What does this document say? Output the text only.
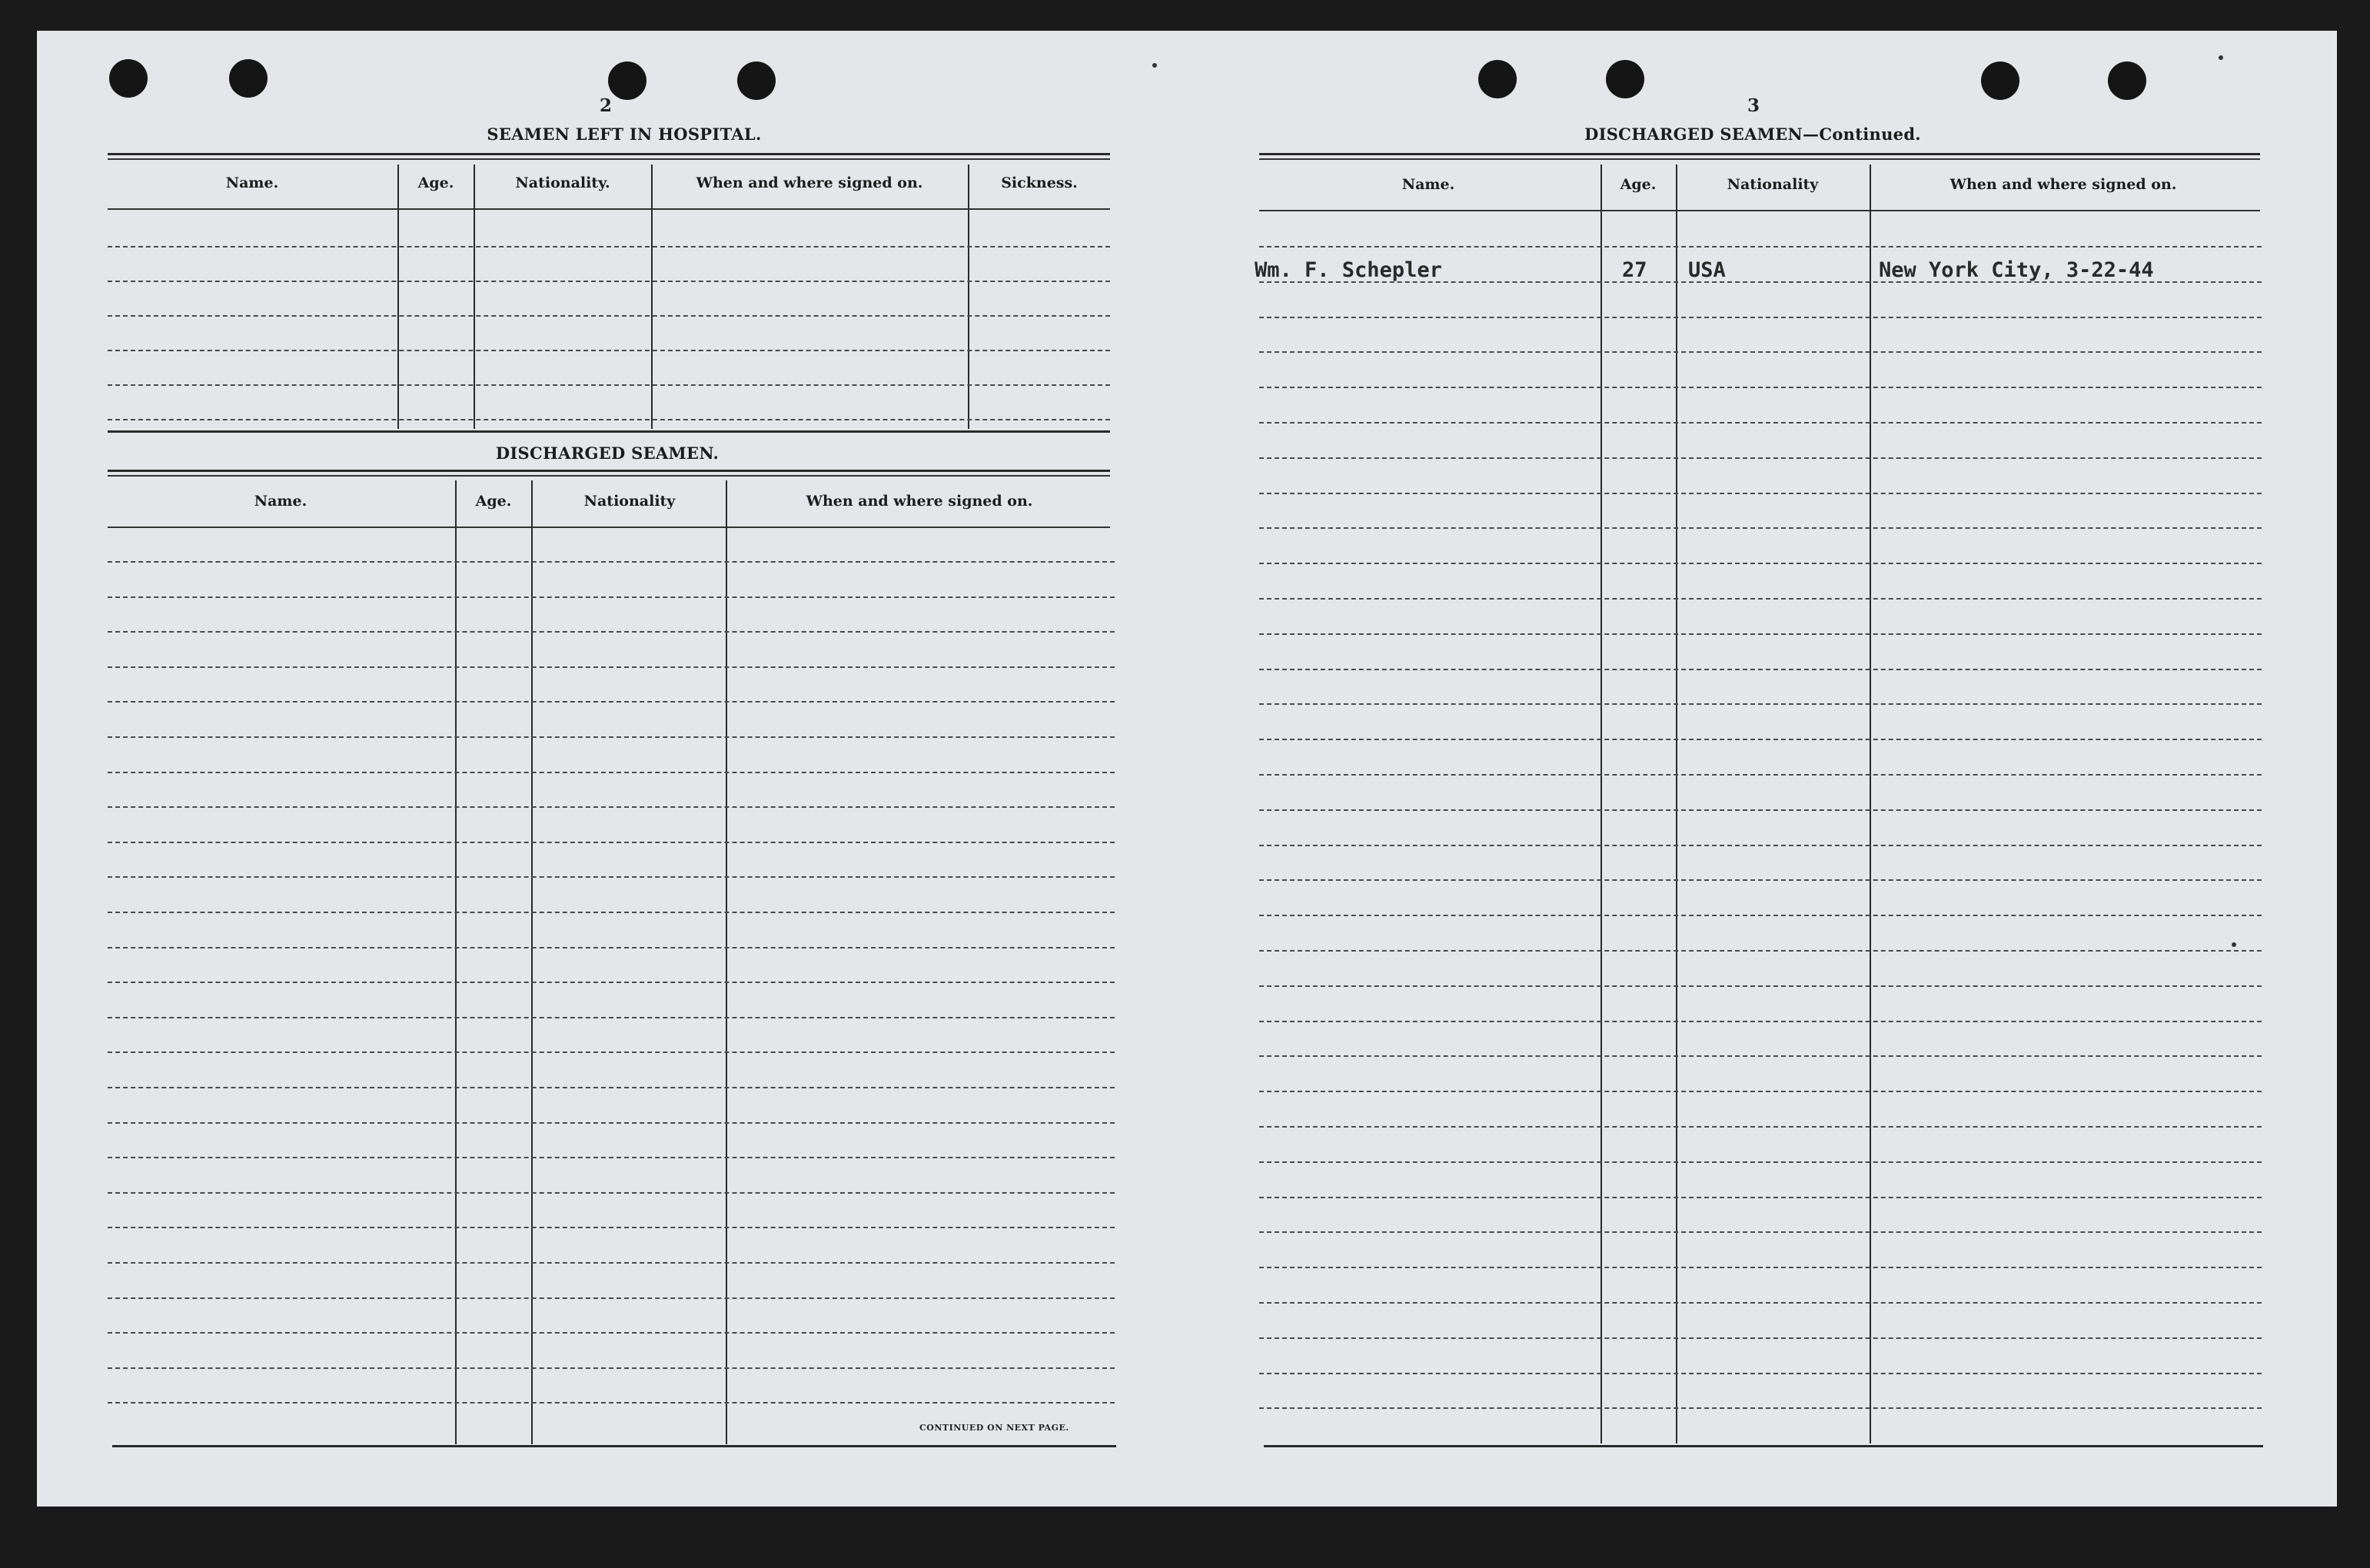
2
SEAMEN LEFT IN HOSPITAL.
Name.	Age.	Nationality.	When and where signed on.	Sickness.
DISCHARGED SEAMEN.
Name.	Age.	Nationality	When and where signed on.
CONTINUED ON NEXT PAGE.
3
DISCHARGED SEAMEN—Continued.
Name.	Age.	Nationality	When and where signed on.
Wm. F. Schepler	27 USA	New York City, 3-22-44
